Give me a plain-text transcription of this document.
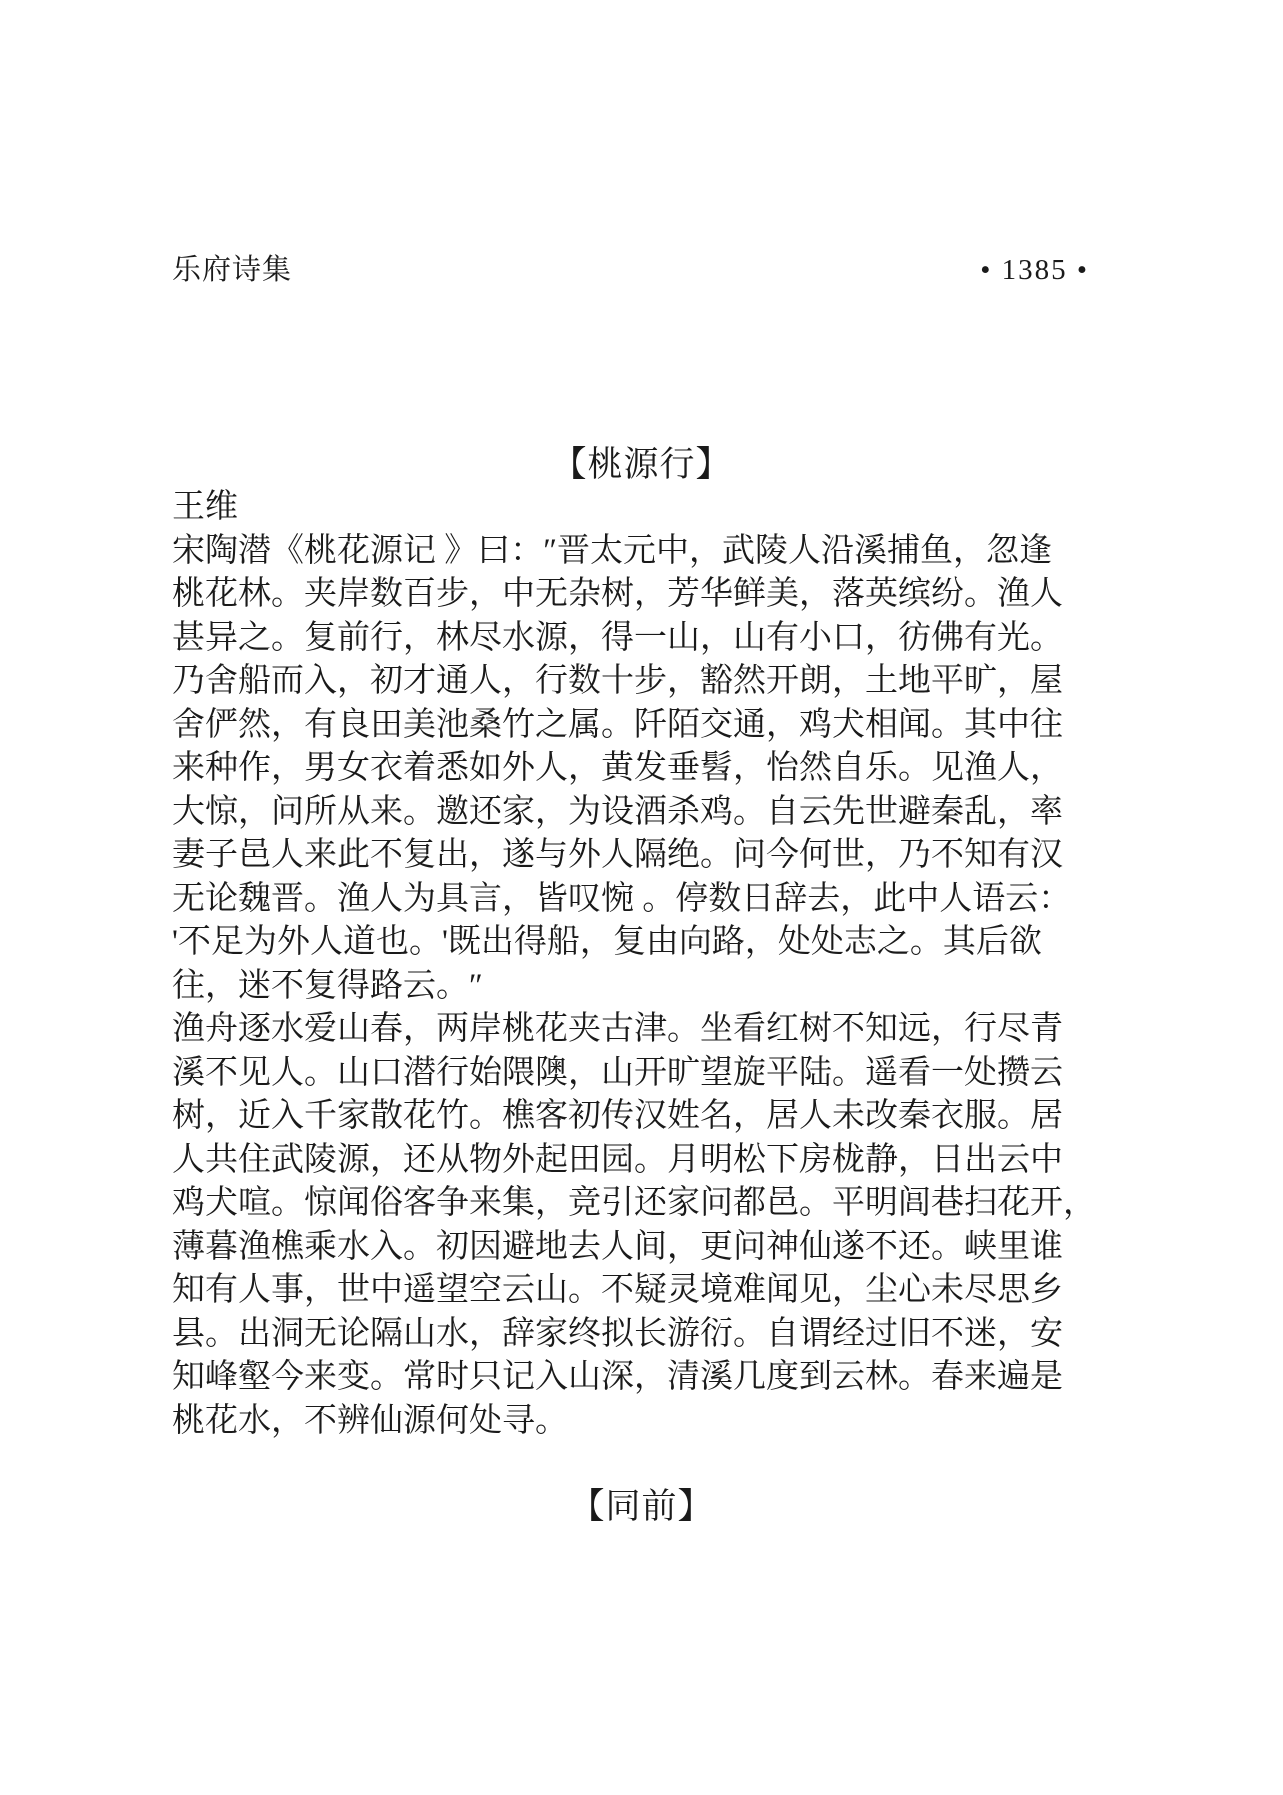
乐府诗集	• 1385 •
【桃源行】
王维
宋陶潜《桃花源记 》曰：″晋太元中，武陵人沿溪捕鱼，忽逢
桃花林。夹岸数百步，中无杂树，芳华鲜美，落英缤纷。渔人
甚异之。复前行，林尽水源，得一山，山有小口，彷佛有光。
乃舍船而入，初才通人，行数十步，豁然开朗，土地平旷，屋
舍俨然，有良田美池桑竹之属。阡陌交通，鸡犬相闻。其中往
来种作，男女衣着悉如外人，黄发垂髫，怡然自乐。见渔人，
大惊，问所从来。邀还家，为设酒杀鸡。自云先世避秦乱，率
妻子邑人来此不复出，遂与外人隔绝。问今何世，乃不知有汉
无论魏晋。渔人为具言，皆叹惋 。停数日辞去，此中人语云：
'不足为外人道也。'既出得船，复由向路，处处志之。其后欲
往，迷不复得路云。″
渔舟逐水爱山春，两岸桃花夹古津。坐看红树不知远，行尽青
溪不见人。山口潜行始隈隩，山开旷望旋平陆。遥看一处攒云
树，近入千家散花竹。樵客初传汉姓名，居人未改秦衣服。居
人共住武陵源，还从物外起田园。月明松下房栊静，日出云中
鸡犬喧。惊闻俗客争来集，竞引还家问都邑。平明闾巷扫花开，
薄暮渔樵乘水入。初因避地去人间，更问神仙遂不还。峡里谁
知有人事，世中遥望空云山。不疑灵境难闻见，尘心未尽思乡
县。出洞无论隔山水，辞家终拟长游衍。自谓经过旧不迷，安
知峰壑今来变。常时只记入山深，清溪几度到云林。春来遍是
桃花水，不辨仙源何处寻。
【同前】
